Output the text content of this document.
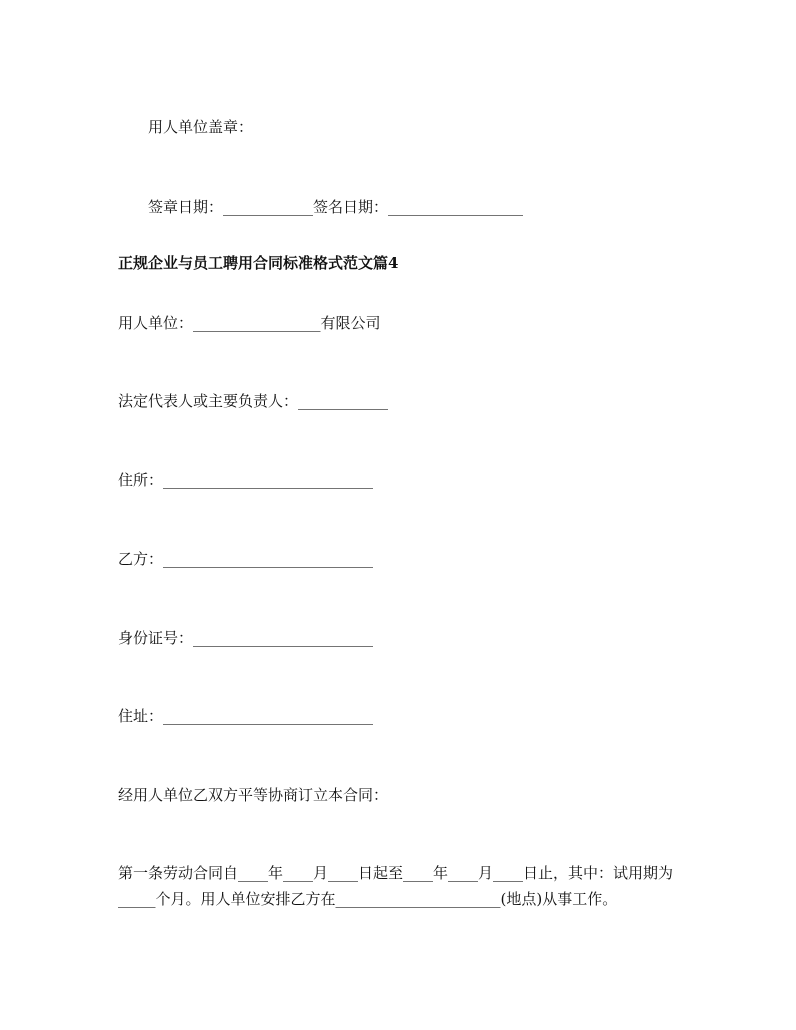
用人单位盖章：
签章日期：____________签名日期：__________________
正规企业与员工聘用合同标准格式范文篇4
用人单位：_________________有限公司
法定代表人或主要负责人：____________
住所：____________________________
乙方：____________________________
身份证号：________________________
住址：____________________________
经用人单位乙双方平等协商订立本合同：
第一条劳动合同自____年____月____日起至____年____月____日止，其中：试用期为_____个月。用人单位安排乙方在______________________(地点)从事工作。
